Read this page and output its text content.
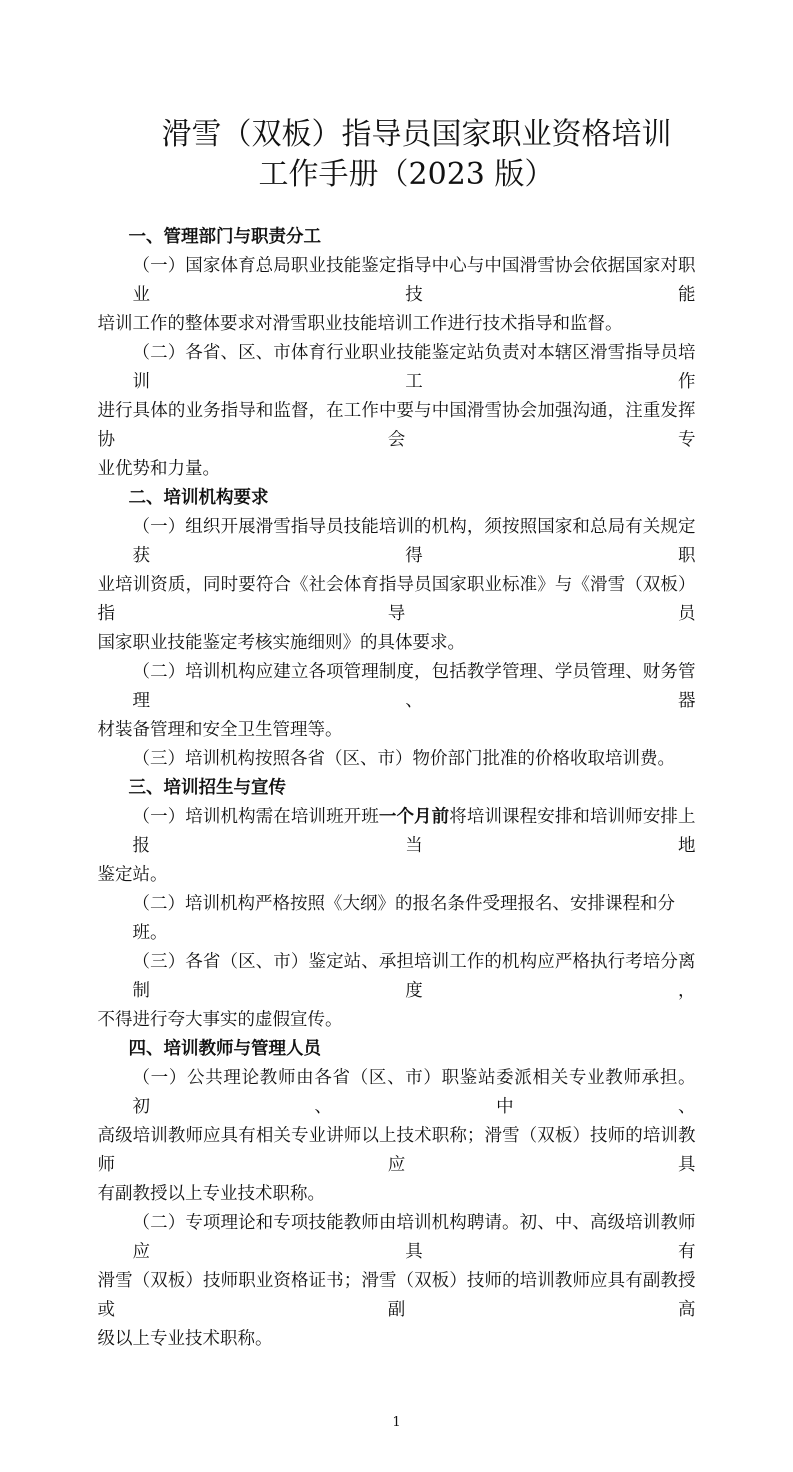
滑雪（双板）指导员国家职业资格培训
工作手册（2023 版）
一、管理部门与职责分工
（一）国家体育总局职业技能鉴定指导中心与中国滑雪协会依据国家对职业技能
培训工作的整体要求对滑雪职业技能培训工作进行技术指导和监督。
（二）各省、区、市体育行业职业技能鉴定站负责对本辖区滑雪指导员培训工作
进行具体的业务指导和监督，在工作中要与中国滑雪协会加强沟通，注重发挥协会专
业优势和力量。
二、培训机构要求
（一）组织开展滑雪指导员技能培训的机构，须按照国家和总局有关规定获得职
业培训资质，同时要符合《社会体育指导员国家职业标准》与《滑雪（双板）指导员
国家职业技能鉴定考核实施细则》的具体要求。
（二）培训机构应建立各项管理制度，包括教学管理、学员管理、财务管理、器
材装备管理和安全卫生管理等。
（三）培训机构按照各省（区、市）物价部门批准的价格收取培训费。
三、培训招生与宣传
（一）培训机构需在培训班开班一个月前将培训课程安排和培训师安排上报当地
鉴定站。
（二）培训机构严格按照《大纲》的报名条件受理报名、安排课程和分班。
（三）各省（区、市）鉴定站、承担培训工作的机构应严格执行考培分离制度，
不得进行夸大事实的虚假宣传。
四、培训教师与管理人员
（一）公共理论教师由各省（区、市）职鉴站委派相关专业教师承担。初、中、
高级培训教师应具有相关专业讲师以上技术职称；滑雪（双板）技师的培训教师应具
有副教授以上专业技术职称。
（二）专项理论和专项技能教师由培训机构聘请。初、中、高级培训教师应具有
滑雪（双板）技师职业资格证书；滑雪（双板）技师的培训教师应具有副教授或副高
级以上专业技术职称。
1
